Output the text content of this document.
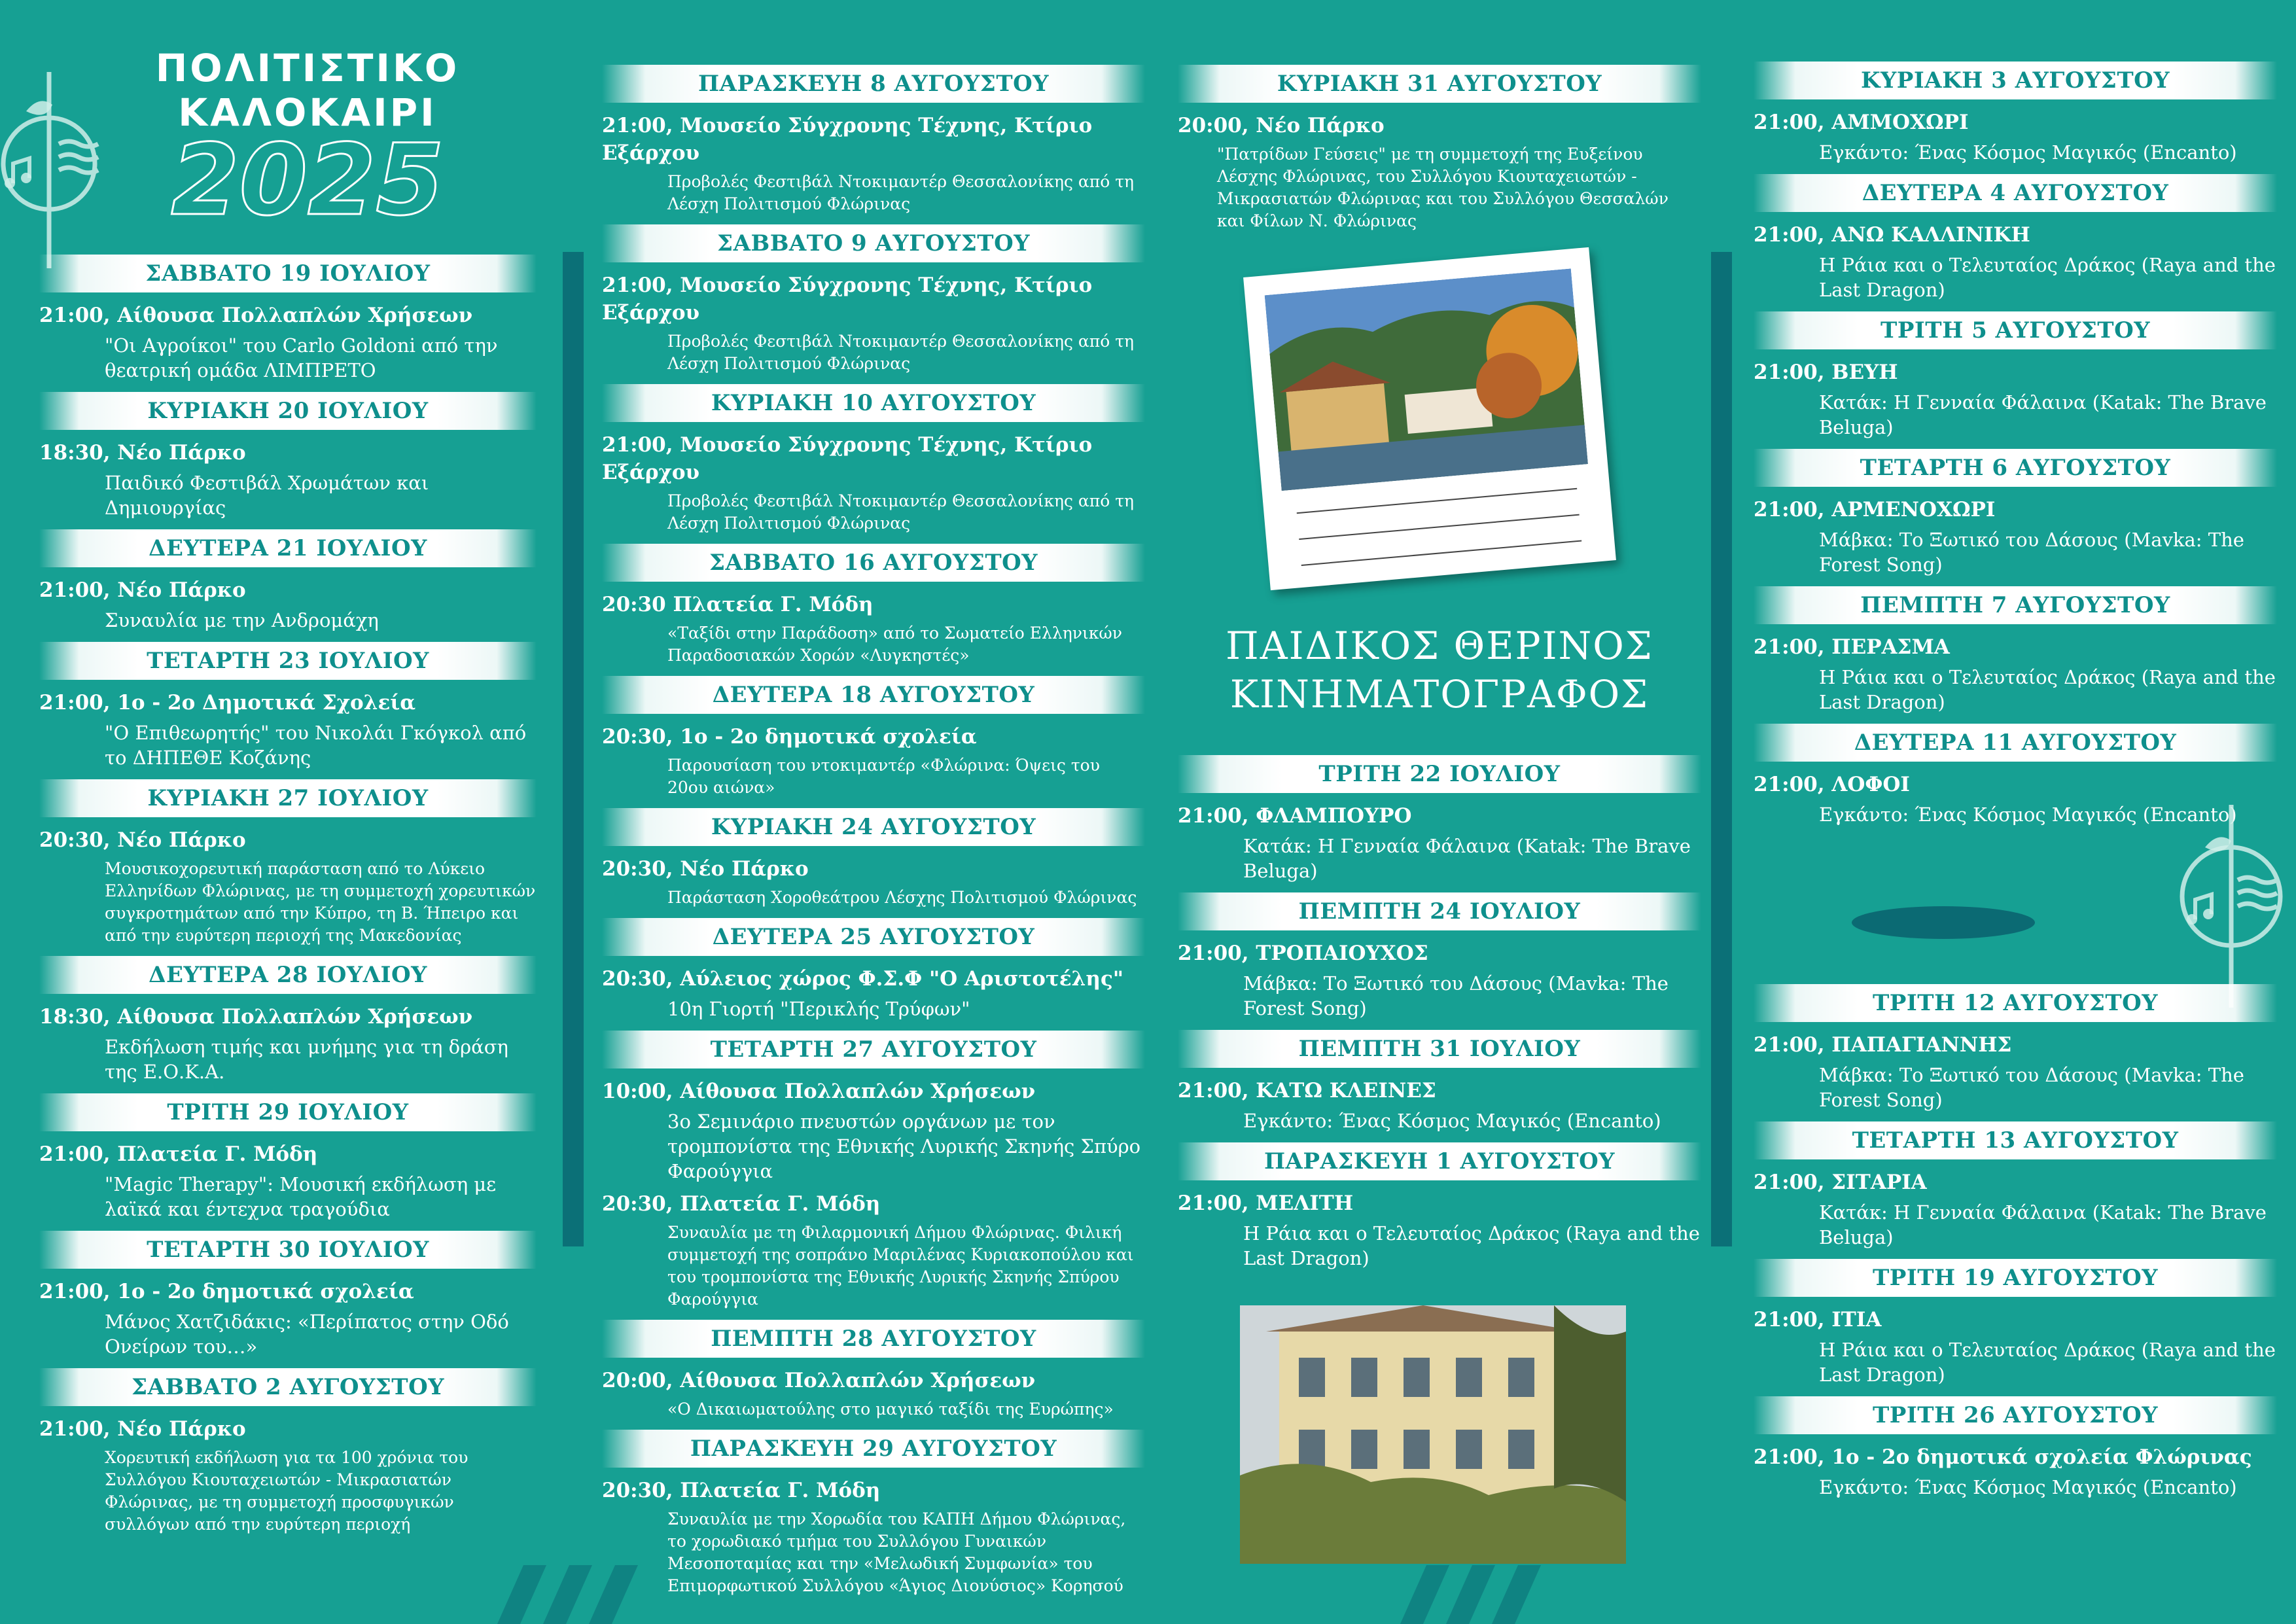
ΠΟΛΙΤΙΣΤΙΚΟ
ΚΑΛΟΚΑΙΡΙ
2025
ΣΑΒΒΑΤΟ 19 ΙΟΥΛΙΟΥ
21:00, Αίθουσα Πολλαπλών Χρήσεων
"Οι Αγροίκοι" του Carlo Goldoni από την θεατρική ομάδα ΛΙΜΠΡΕΤΟ
ΚΥΡΙΑΚΗ 20 ΙΟΥΛΙΟΥ
18:30, Νέο Πάρκο
Παιδικό Φεστιβάλ Χρωμάτων και Δημιουργίας
ΔΕΥΤΕΡΑ 21 ΙΟΥΛΙΟΥ
21:00, Νέο Πάρκο
Συναυλία με την Ανδρομάχη
ΤΕΤΑΡΤΗ 23 ΙΟΥΛΙΟΥ
21:00, 1ο - 2ο Δημοτικά Σχολεία
"Ο Επιθεωρητής" του Νικολάι Γκόγκολ από το ΔΗΠΕΘΕ Κοζάνης
ΚΥΡΙΑΚΗ 27 ΙΟΥΛΙΟΥ
20:30, Νέο Πάρκο
Μουσικοχορευτική παράσταση από το Λύκειο Ελληνίδων Φλώρινας, με τη συμμετοχή χορευτικών συγκροτημάτων από την Κύπρο, τη Β. Ήπειρο και από την ευρύτερη περιοχή της Μακεδονίας
ΔΕΥΤΕΡΑ 28 ΙΟΥΛΙΟΥ
18:30, Αίθουσα Πολλαπλών Χρήσεων
Εκδήλωση τιμής και μνήμης για τη δράση της Ε.Ο.Κ.Α.
ΤΡΙΤΗ 29 ΙΟΥΛΙΟΥ
21:00, Πλατεία Γ. Μόδη
"Magic Therapy": Μουσική εκδήλωση με λαϊκά και έντεχνα τραγούδια
ΤΕΤΑΡΤΗ 30 ΙΟΥΛΙΟΥ
21:00, 1ο - 2ο δημοτικά σχολεία
Μάνος Χατζιδάκις: «Περίπατος στην Οδό Ονείρων του…»
ΣΑΒΒΑΤΟ 2 ΑΥΓΟΥΣΤΟΥ
21:00, Νέο Πάρκο
Χορευτική εκδήλωση για τα 100 χρόνια του Συλλόγου Κιουταχειωτών - Μικρασιατών Φλώρινας, με τη συμμετοχή προσφυγικών συλλόγων από την ευρύτερη περιοχή
ΠΑΡΑΣΚΕΥΗ 8 ΑΥΓΟΥΣΤΟΥ
21:00, Μουσείο Σύγχρονης Τέχνης, Κτίριο Εξάρχου
Προβολές Φεστιβάλ Ντοκιμαντέρ Θεσσαλονίκης από τη Λέσχη Πολιτισμού Φλώρινας
ΣΑΒΒΑΤΟ 9 ΑΥΓΟΥΣΤΟΥ
21:00, Μουσείο Σύγχρονης Τέχνης, Κτίριο Εξάρχου
Προβολές Φεστιβάλ Ντοκιμαντέρ Θεσσαλονίκης από τη Λέσχη Πολιτισμού Φλώρινας
ΚΥΡΙΑΚΗ 10 ΑΥΓΟΥΣΤΟΥ
21:00, Μουσείο Σύγχρονης Τέχνης, Κτίριο Εξάρχου
Προβολές Φεστιβάλ Ντοκιμαντέρ Θεσσαλονίκης από τη Λέσχη Πολιτισμού Φλώρινας
ΣΑΒΒΑΤΟ 16 ΑΥΓΟΥΣΤΟΥ
20:30 Πλατεία Γ. Μόδη
«Ταξίδι στην Παράδοση» από το Σωματείο Ελληνικών Παραδοσιακών Χορών «Λυγκηστές»
ΔΕΥΤΕΡΑ 18 ΑΥΓΟΥΣΤΟΥ
20:30, 1ο - 2ο δημοτικά σχολεία
Παρουσίαση του ντοκιμαντέρ «Φλώρινα: Όψεις του 20ου αιώνα»
ΚΥΡΙΑΚΗ 24 ΑΥΓΟΥΣΤΟΥ
20:30, Νέο Πάρκο
Παράσταση Χοροθεάτρου Λέσχης Πολιτισμού Φλώρινας
ΔΕΥΤΕΡΑ 25 ΑΥΓΟΥΣΤΟΥ
20:30, Αύλειος χώρος Φ.Σ.Φ "Ο Αριστοτέλης"
10η Γιορτή "Περικλής Τρύφων"
ΤΕΤΑΡΤΗ 27 ΑΥΓΟΥΣΤΟΥ
10:00, Αίθουσα Πολλαπλών Χρήσεων
3ο Σεμινάριο πνευστών οργάνων με τον τρομπονίστα της Εθνικής Λυρικής Σκηνής Σπύρο Φαρούγγια
20:30, Πλατεία Γ. Μόδη
Συναυλία με τη Φιλαρμονική Δήμου Φλώρινας. Φιλική συμμετοχή της σοπράνο Μαριλένας Κυριακοπούλου και του τρομπονίστα της Εθνικής Λυρικής Σκηνής Σπύρου Φαρούγγια
ΠΕΜΠΤΗ 28 ΑΥΓΟΥΣΤΟΥ
20:00, Αίθουσα Πολλαπλών Χρήσεων
«Ο Δικαιωματούλης στο μαγικό ταξίδι της Ευρώπης»
ΠΑΡΑΣΚΕΥΗ 29 ΑΥΓΟΥΣΤΟΥ
20:30, Πλατεία Γ. Μόδη
Συναυλία με την Χορωδία του ΚΑΠΗ Δήμου Φλώρινας, το χορωδιακό τμήμα του Συλλόγου Γυναικών Μεσοποταμίας και την «Μελωδική Συμφωνία» του Επιμορφωτικού Συλλόγου «Άγιος Διονύσιος» Κορησού
ΚΥΡΙΑΚΗ 31 ΑΥΓΟΥΣΤΟΥ
20:00, Νέο Πάρκο
"Πατρίδων Γεύσεις" με τη συμμετοχή της Ευξείνου Λέσχης Φλώρινας, του Συλλόγου Κιουταχειωτών - Μικρασιατών Φλώρινας και του Συλλόγου Θεσσαλών και Φίλων Ν. Φλώρινας
ΠΑΙΔΙΚΟΣ ΘΕΡΙΝΟΣ
ΚΙΝΗΜΑΤΟΓΡΑΦΟΣ
ΤΡΙΤΗ 22 ΙΟΥΛΙΟΥ
21:00, ΦΛΑΜΠΟΥΡΟ
Κατάκ: Η Γενναία Φάλαινα (Katak: The Brave Beluga)
ΠΕΜΠΤΗ 24 ΙΟΥΛΙΟΥ
21:00, ΤΡΟΠΑΙΟΥΧΟΣ
Μάβκα: Το Ξωτικό του Δάσους (Mavka: The Forest Song)
ΠΕΜΠΤΗ 31 ΙΟΥΛΙΟΥ
21:00, ΚΑΤΩ ΚΛΕΙΝΕΣ
Εγκάντο: Ένας Κόσμος Μαγικός (Encanto)
ΠΑΡΑΣΚΕΥΗ 1 ΑΥΓΟΥΣΤΟΥ
21:00, ΜΕΛΙΤΗ
Η Ράια και ο Τελευταίος Δράκος (Raya and the Last Dragon)
ΚΥΡΙΑΚΗ 3 ΑΥΓΟΥΣΤΟΥ
21:00, ΑΜΜΟΧΩΡΙ
Εγκάντο: Ένας Κόσμος Μαγικός (Encanto)
ΔΕΥΤΕΡΑ 4 ΑΥΓΟΥΣΤΟΥ
21:00, ΑΝΩ ΚΑΛΛΙΝΙΚΗ
Η Ράια και ο Τελευταίος Δράκος (Raya and the Last Dragon)
ΤΡΙΤΗ 5 ΑΥΓΟΥΣΤΟΥ
21:00, ΒΕΥΗ
Κατάκ: Η Γενναία Φάλαινα (Katak: The Brave Beluga)
ΤΕΤΑΡΤΗ 6 ΑΥΓΟΥΣΤΟΥ
21:00, ΑΡΜΕΝΟΧΩΡΙ
Μάβκα: Το Ξωτικό του Δάσους (Mavka: The Forest Song)
ΠΕΜΠΤΗ 7 ΑΥΓΟΥΣΤΟΥ
21:00, ΠΕΡΑΣΜΑ
Η Ράια και ο Τελευταίος Δράκος (Raya and the Last Dragon)
ΔΕΥΤΕΡΑ 11 ΑΥΓΟΥΣΤΟΥ
21:00, ΛΟΦΟΙ
Εγκάντο: Ένας Κόσμος Μαγικός (Encanto)
ΤΡΙΤΗ 12 ΑΥΓΟΥΣΤΟΥ
21:00, ΠΑΠΑΓΙΑΝΝΗΣ
Μάβκα: Το Ξωτικό του Δάσους (Mavka: The Forest Song)
ΤΕΤΑΡΤΗ 13 ΑΥΓΟΥΣΤΟΥ
21:00, ΣΙΤΑΡΙΑ
Κατάκ: Η Γενναία Φάλαινα (Katak: The Brave Beluga)
ΤΡΙΤΗ 19 ΑΥΓΟΥΣΤΟΥ
21:00, ΙΤΙΑ
Η Ράια και ο Τελευταίος Δράκος (Raya and the Last Dragon)
ΤΡΙΤΗ 26 ΑΥΓΟΥΣΤΟΥ
21:00, 1ο - 2ο δημοτικά σχολεία Φλώρινας
Εγκάντο: Ένας Κόσμος Μαγικός (Encanto)
